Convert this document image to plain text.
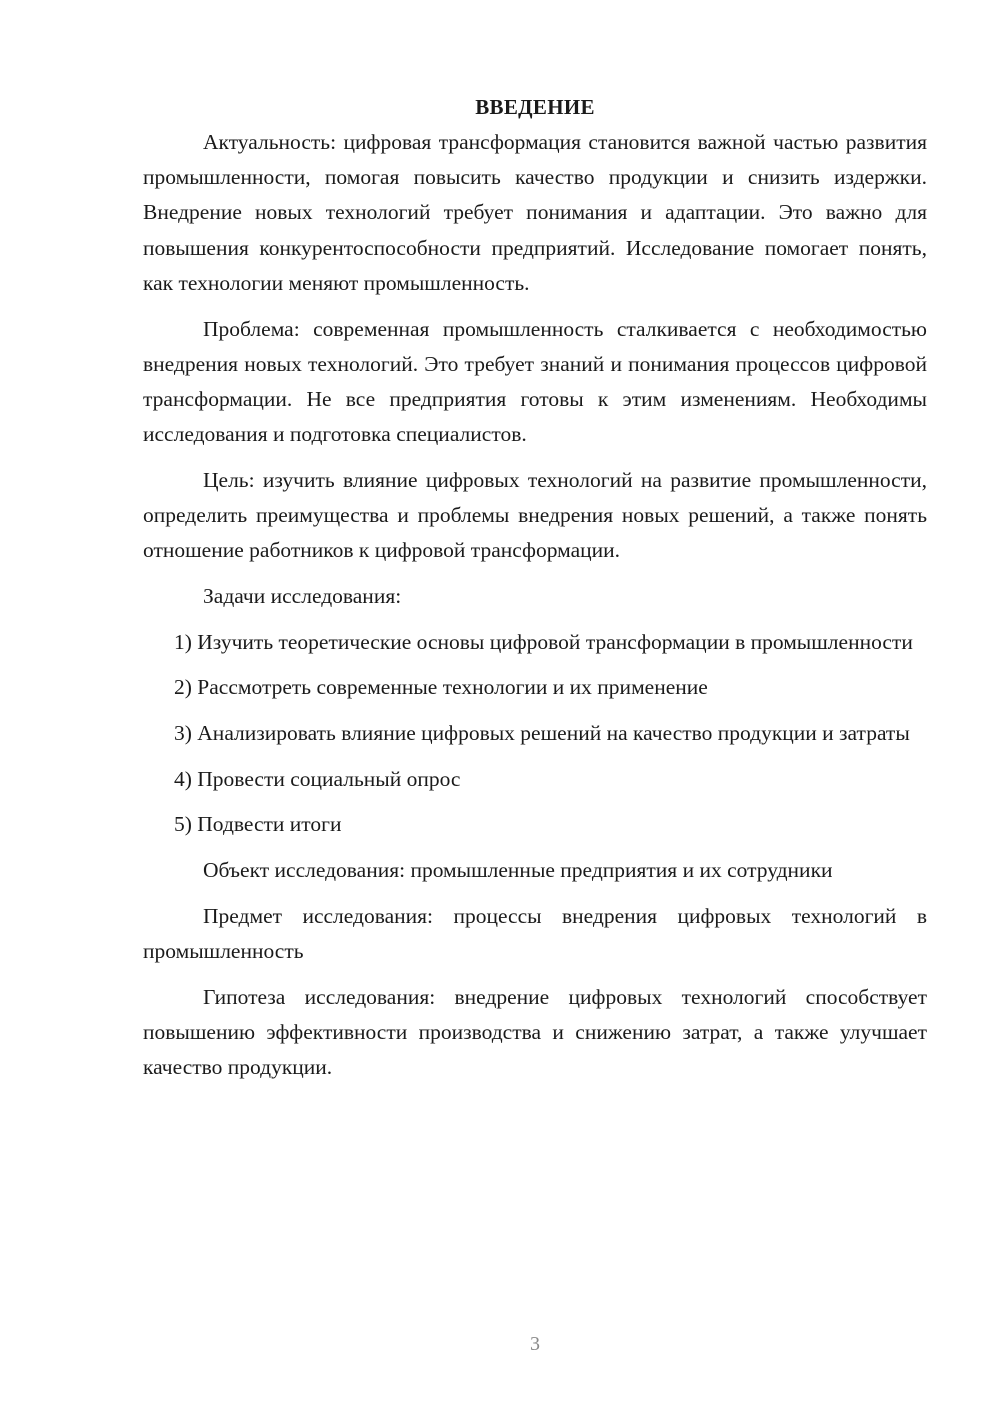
ВВЕДЕНИЕ

Актуальность: цифровая трансформация становится важной частью развития промышленности, помогая повысить качество продукции и снизить издержки. Внедрение новых технологий требует понимания и адаптации. Это важно для повышения конкурентоспособности предприятий. Исследование помогает понять, как технологии меняют промышленность.

Проблема: современная промышленность сталкивается с необходимостью внедрения новых технологий. Это требует знаний и понимания процессов цифровой трансформации. Не все предприятия готовы к этим изменениям. Необходимы исследования и подготовка специалистов.

Цель: изучить влияние цифровых технологий на развитие промышленности, определить преимущества и проблемы внедрения новых решений, а также понять отношение работников к цифровой трансформации.

Задачи исследования:

1) Изучить теоретические основы цифровой трансформации в промышленности

2) Рассмотреть современные технологии и их применение

3) Анализировать влияние цифровых решений на качество продукции и затраты

4) Провести социальный опрос

5) Подвести итоги

Объект исследования: промышленные предприятия и их сотрудники

Предмет исследования: процессы внедрения цифровых технологий в промышленность

Гипотеза исследования: внедрение цифровых технологий способствует повышению эффективности производства и снижению затрат, а также улучшает качество продукции.

3
